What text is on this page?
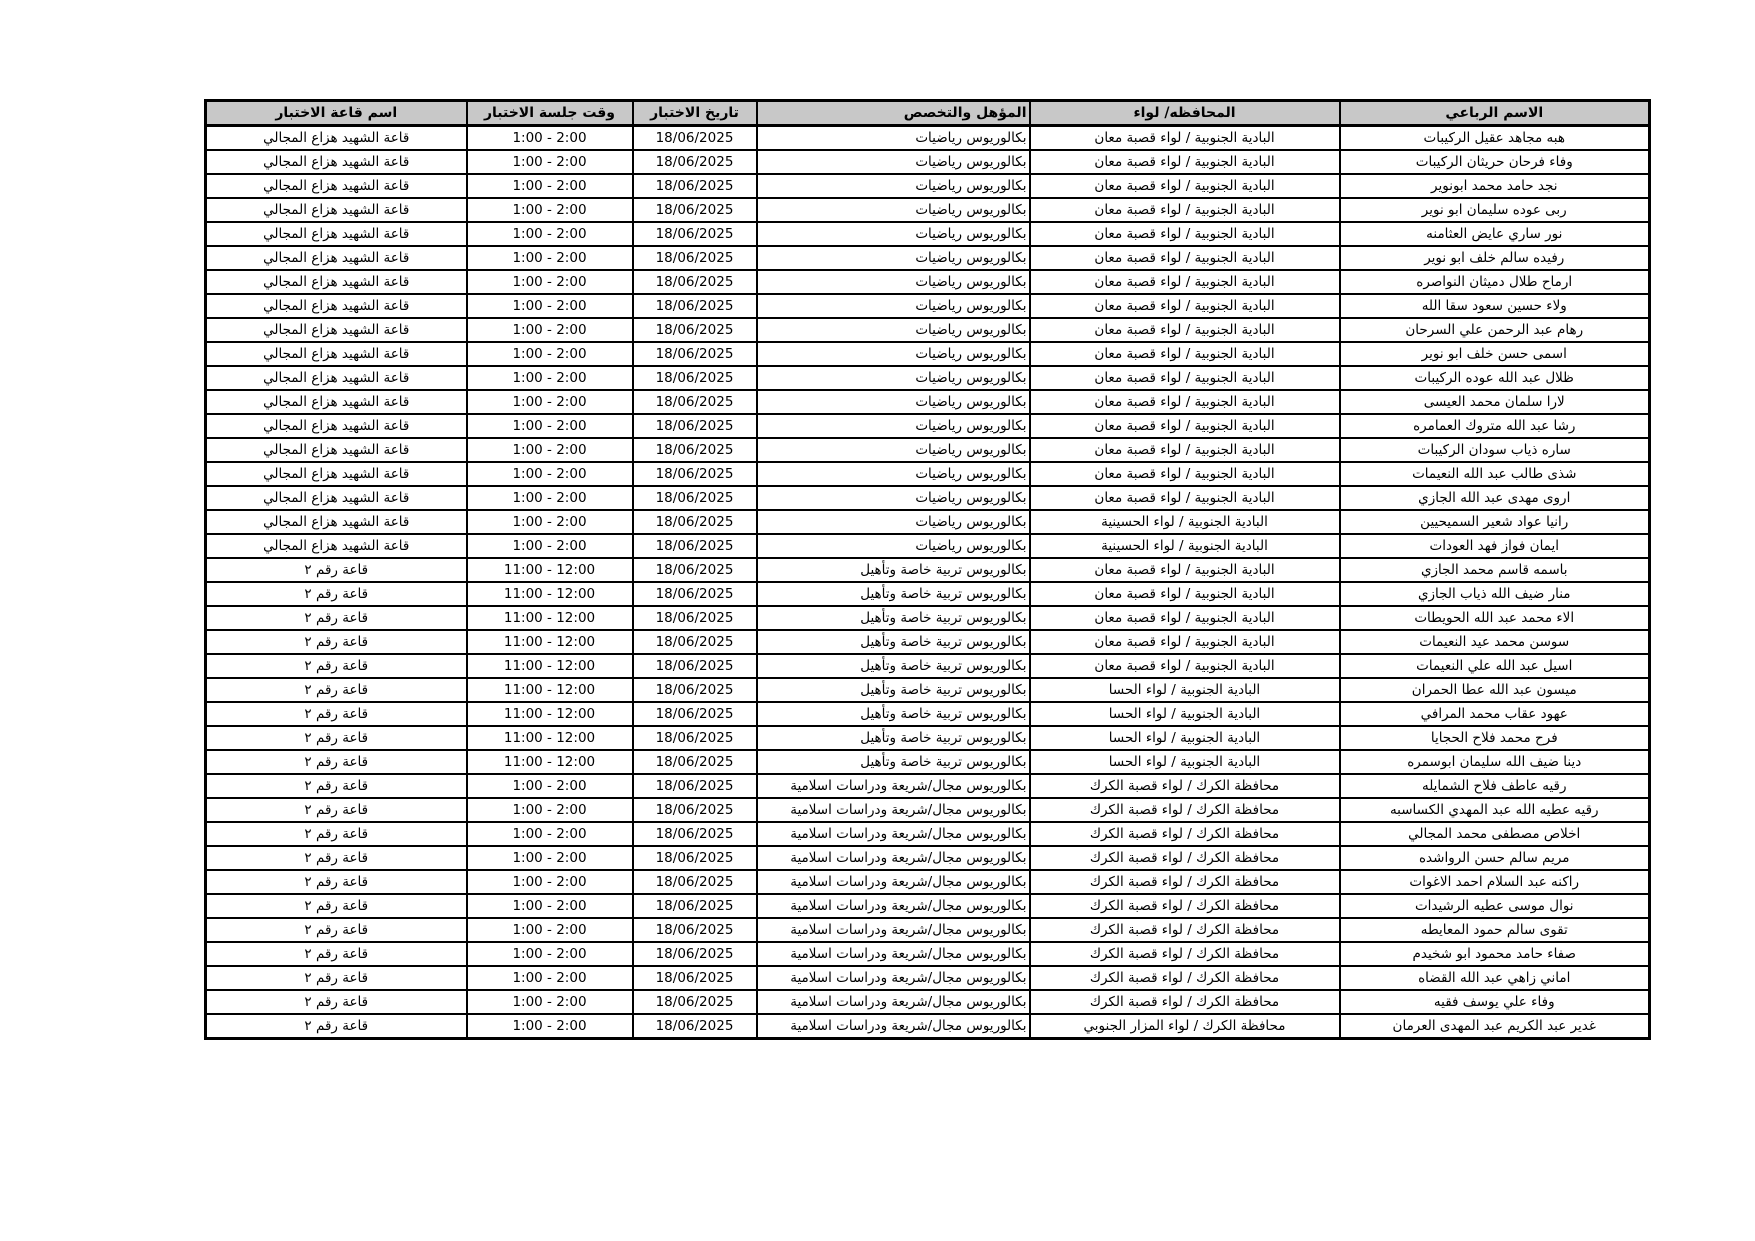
الاسم الرباعي	المحافظه/ لواء	المؤهل والتخصص	تاريخ الاختبار	وقت جلسة الاختبار	اسم قاعة الاختبار
هبه مجاهد عقيل الركيبات	البادية الجنوبية / لواء قصبة معان	بكالوريوس رياضيات	18/06/2025	1:00 - 2:00	قاعة الشهيد هزاع المجالي
وفاء فرحان حريثان الركيبات	البادية الجنوبية / لواء قصبة معان	بكالوريوس رياضيات	18/06/2025	1:00 - 2:00	قاعة الشهيد هزاع المجالي
نجد حامد محمد ابونوير	البادية الجنوبية / لواء قصبة معان	بكالوريوس رياضيات	18/06/2025	1:00 - 2:00	قاعة الشهيد هزاع المجالي
ربى عوده سليمان ابو نوير	البادية الجنوبية / لواء قصبة معان	بكالوريوس رياضيات	18/06/2025	1:00 - 2:00	قاعة الشهيد هزاع المجالي
نور ساري عايض العثامنه	البادية الجنوبية / لواء قصبة معان	بكالوريوس رياضيات	18/06/2025	1:00 - 2:00	قاعة الشهيد هزاع المجالي
رفيده سالم خلف ابو نوير	البادية الجنوبية / لواء قصبة معان	بكالوريوس رياضيات	18/06/2025	1:00 - 2:00	قاعة الشهيد هزاع المجالي
ارماح طلال دميثان النواصره	البادية الجنوبية / لواء قصبة معان	بكالوريوس رياضيات	18/06/2025	1:00 - 2:00	قاعة الشهيد هزاع المجالي
ولاء حسين سعود سقا الله	البادية الجنوبية / لواء قصبة معان	بكالوريوس رياضيات	18/06/2025	1:00 - 2:00	قاعة الشهيد هزاع المجالي
رهام عبد الرحمن علي السرحان	البادية الجنوبية / لواء قصبة معان	بكالوريوس رياضيات	18/06/2025	1:00 - 2:00	قاعة الشهيد هزاع المجالي
اسمى حسن خلف ابو نوير	البادية الجنوبية / لواء قصبة معان	بكالوريوس رياضيات	18/06/2025	1:00 - 2:00	قاعة الشهيد هزاع المجالي
ظلال عبد الله عوده الركيبات	البادية الجنوبية / لواء قصبة معان	بكالوريوس رياضيات	18/06/2025	1:00 - 2:00	قاعة الشهيد هزاع المجالي
لارا سلمان محمد العيسى	البادية الجنوبية / لواء قصبة معان	بكالوريوس رياضيات	18/06/2025	1:00 - 2:00	قاعة الشهيد هزاع المجالي
رشا عبد الله متروك العمامره	البادية الجنوبية / لواء قصبة معان	بكالوريوس رياضيات	18/06/2025	1:00 - 2:00	قاعة الشهيد هزاع المجالي
ساره ذياب سودان الركيبات	البادية الجنوبية / لواء قصبة معان	بكالوريوس رياضيات	18/06/2025	1:00 - 2:00	قاعة الشهيد هزاع المجالي
شذى طالب عبد الله النعيمات	البادية الجنوبية / لواء قصبة معان	بكالوريوس رياضيات	18/06/2025	1:00 - 2:00	قاعة الشهيد هزاع المجالي
اروى مهدى عبد الله الجازي	البادية الجنوبية / لواء قصبة معان	بكالوريوس رياضيات	18/06/2025	1:00 - 2:00	قاعة الشهيد هزاع المجالي
رانيا عواد شعير السميحيين	البادية الجنوبية / لواء الحسينية	بكالوريوس رياضيات	18/06/2025	1:00 - 2:00	قاعة الشهيد هزاع المجالي
ايمان فواز فهد العودات	البادية الجنوبية / لواء الحسينية	بكالوريوس رياضيات	18/06/2025	1:00 - 2:00	قاعة الشهيد هزاع المجالي
باسمه قاسم محمد الجازي	البادية الجنوبية / لواء قصبة معان	بكالوريوس تربية خاصة وتأهيل	18/06/2025	11:00 - 12:00	قاعة رقم ٢
منار ضيف الله ذياب الجازي	البادية الجنوبية / لواء قصبة معان	بكالوريوس تربية خاصة وتأهيل	18/06/2025	11:00 - 12:00	قاعة رقم ٢
الاء محمد عبد الله الحويطات	البادية الجنوبية / لواء قصبة معان	بكالوريوس تربية خاصة وتأهيل	18/06/2025	11:00 - 12:00	قاعة رقم ٢
سوسن محمد عيد النعيمات	البادية الجنوبية / لواء قصبة معان	بكالوريوس تربية خاصة وتأهيل	18/06/2025	11:00 - 12:00	قاعة رقم ٢
اسيل عبد الله علي النعيمات	البادية الجنوبية / لواء قصبة معان	بكالوريوس تربية خاصة وتأهيل	18/06/2025	11:00 - 12:00	قاعة رقم ٢
ميسون عبد الله عطا الحمران	البادية الجنوبية / لواء الحسا	بكالوريوس تربية خاصة وتأهيل	18/06/2025	11:00 - 12:00	قاعة رقم ٢
عهود عقاب محمد المرافي	البادية الجنوبية / لواء الحسا	بكالوريوس تربية خاصة وتأهيل	18/06/2025	11:00 - 12:00	قاعة رقم ٢
فرح محمد فلاح الحجايا	البادية الجنوبية / لواء الحسا	بكالوريوس تربية خاصة وتأهيل	18/06/2025	11:00 - 12:00	قاعة رقم ٢
دينا ضيف الله سليمان ابوسمره	البادية الجنوبية / لواء الحسا	بكالوريوس تربية خاصة وتأهيل	18/06/2025	11:00 - 12:00	قاعة رقم ٢
رقيه عاطف فلاح الشمايله	محافظة الكرك / لواء قصبة الكرك	بكالوريوس مجال/شريعة ودراسات اسلامية	18/06/2025	1:00 - 2:00	قاعة رقم ٢
رقيه عطيه الله عبد المهدي الكساسبه	محافظة الكرك / لواء قصبة الكرك	بكالوريوس مجال/شريعة ودراسات اسلامية	18/06/2025	1:00 - 2:00	قاعة رقم ٢
اخلاص مصطفى محمد المجالي	محافظة الكرك / لواء قصبة الكرك	بكالوريوس مجال/شريعة ودراسات اسلامية	18/06/2025	1:00 - 2:00	قاعة رقم ٢
مريم سالم حسن الرواشده	محافظة الكرك / لواء قصبة الكرك	بكالوريوس مجال/شريعة ودراسات اسلامية	18/06/2025	1:00 - 2:00	قاعة رقم ٢
راكنه عبد السلام احمد الاغوات	محافظة الكرك / لواء قصبة الكرك	بكالوريوس مجال/شريعة ودراسات اسلامية	18/06/2025	1:00 - 2:00	قاعة رقم ٢
نوال موسى عطيه الرشيدات	محافظة الكرك / لواء قصبة الكرك	بكالوريوس مجال/شريعة ودراسات اسلامية	18/06/2025	1:00 - 2:00	قاعة رقم ٢
تقوى سالم حمود المعايطه	محافظة الكرك / لواء قصبة الكرك	بكالوريوس مجال/شريعة ودراسات اسلامية	18/06/2025	1:00 - 2:00	قاعة رقم ٢
صفاء حامد محمود ابو شخيدم	محافظة الكرك / لواء قصبة الكرك	بكالوريوس مجال/شريعة ودراسات اسلامية	18/06/2025	1:00 - 2:00	قاعة رقم ٢
اماني زاهي عبد الله القضاه	محافظة الكرك / لواء قصبة الكرك	بكالوريوس مجال/شريعة ودراسات اسلامية	18/06/2025	1:00 - 2:00	قاعة رقم ٢
وفاء علي يوسف فقيه	محافظة الكرك / لواء قصبة الكرك	بكالوريوس مجال/شريعة ودراسات اسلامية	18/06/2025	1:00 - 2:00	قاعة رقم ٢
غدير عبد الكريم عبد المهدى العرمان	محافظة الكرك / لواء المزار الجنوبي	بكالوريوس مجال/شريعة ودراسات اسلامية	18/06/2025	1:00 - 2:00	قاعة رقم ٢
